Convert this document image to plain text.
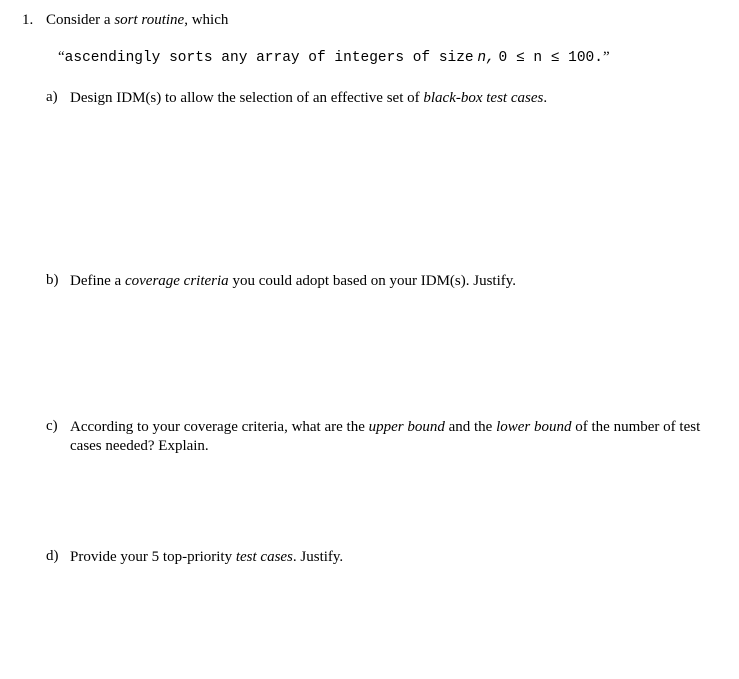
1. Consider a sort routine, which
“ascendingly sorts any array of integers of size n, 0 ≤ n ≤ 100.”
a) Design IDM(s) to allow the selection of an effective set of black-box test cases.
b) Define a coverage criteria you could adopt based on your IDM(s). Justify.
c) According to your coverage criteria, what are the upper bound and the lower bound of the number of test cases needed? Explain.
d) Provide your 5 top-priority test cases. Justify.
